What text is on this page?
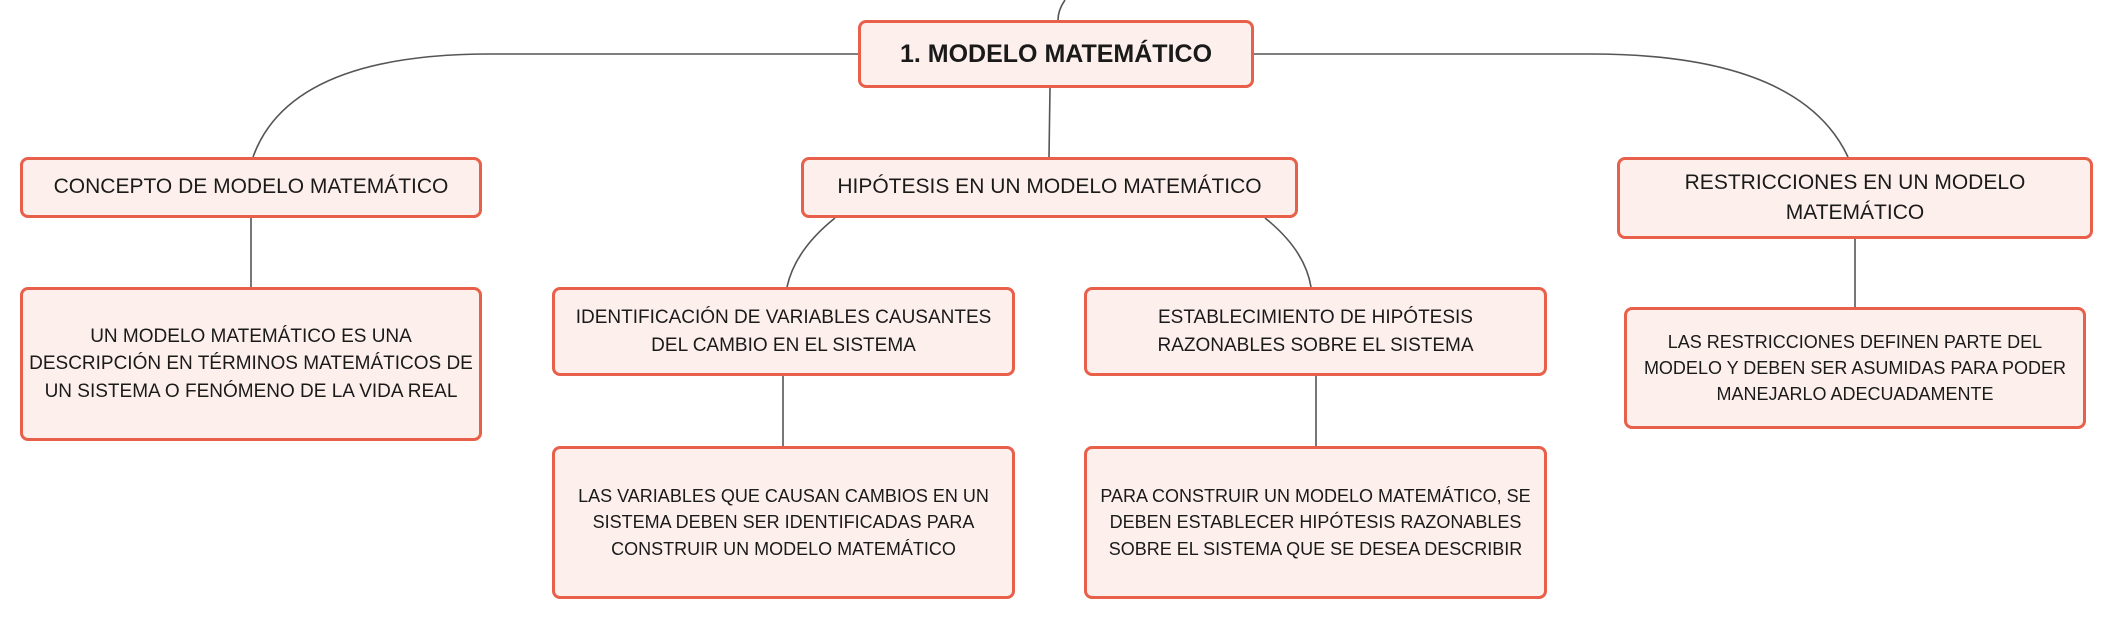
1. MODELO MATEMÁTICO
CONCEPTO DE MODELO MATEMÁTICO	HIPÓTESIS EN UN MODELO MATEMÁTICO	RESTRICCIONES EN UN MODELO MATEMÁTICO
UN MODELO MATEMÁTICO ES UNA DESCRIPCIÓN EN TÉRMINOS MATEMÁTICOS DE UN SISTEMA O FENÓMENO DE LA VIDA REAL
IDENTIFICACIÓN DE VARIABLES CAUSANTES DEL CAMBIO EN EL SISTEMA
ESTABLECIMIENTO DE HIPÓTESIS RAZONABLES SOBRE EL SISTEMA	LAS RESTRICCIONES DEFINEN PARTE DEL MODELO Y DEBEN SER ASUMIDAS PARA PODER MANEJARLO ADECUADAMENTE
LAS VARIABLES QUE CAUSAN CAMBIOS EN UN SISTEMA DEBEN SER IDENTIFICADAS PARA CONSTRUIR UN MODELO MATEMÁTICO
PARA CONSTRUIR UN MODELO MATEMÁTICO, SE DEBEN ESTABLECER HIPÓTESIS RAZONABLES SOBRE EL SISTEMA QUE SE DESEA DESCRIBIR
